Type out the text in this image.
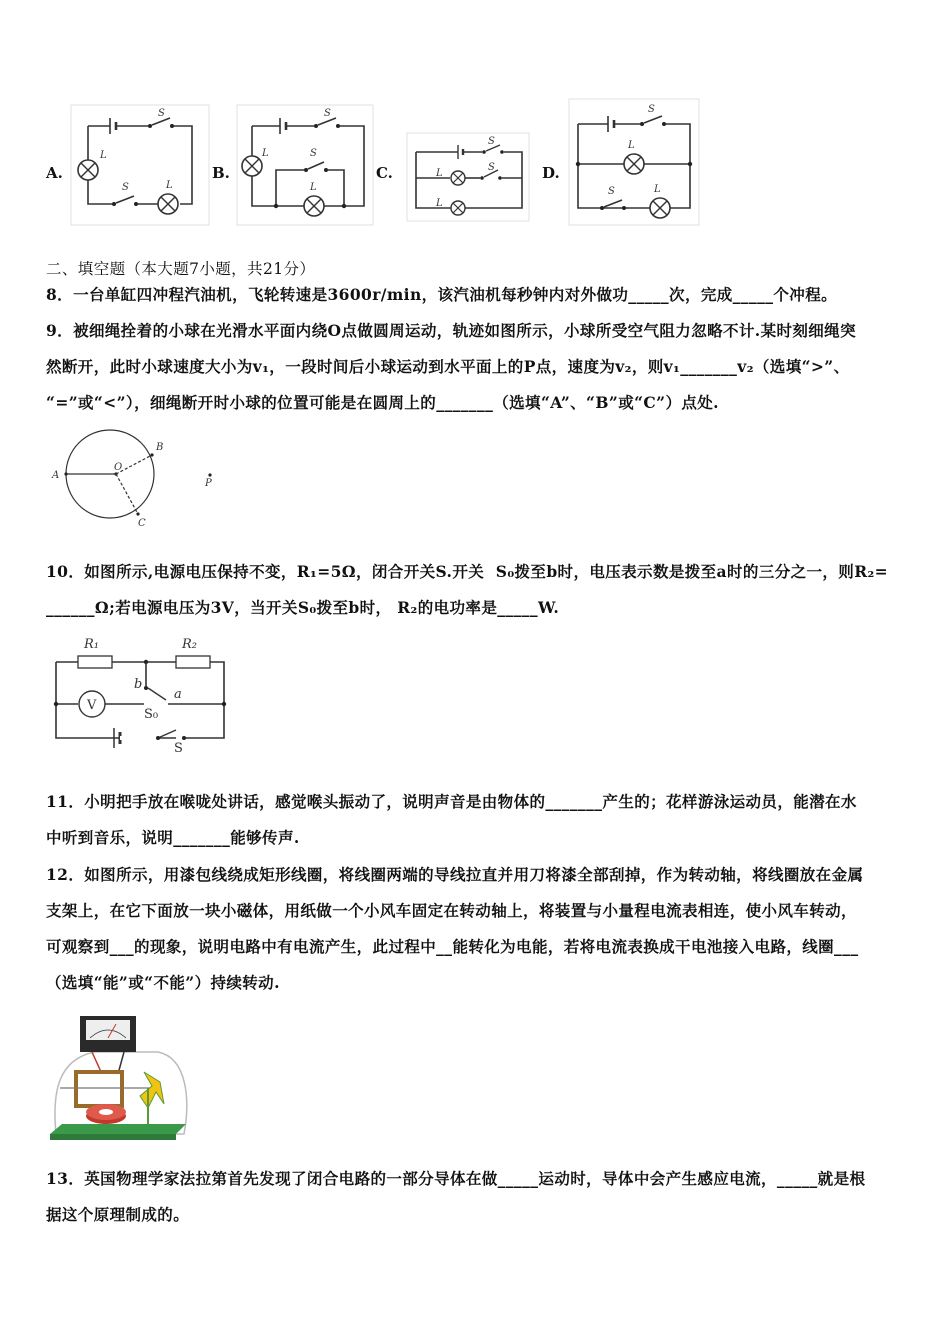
A.
S
L
S	L
B.
S
L	S
L
C.
S
L
S
L
D.
S
L
S	L
二、填空题（本大题7小题，共21分）
8．一台单缸四冲程汽油机，飞轮转速是3600r/min，该汽油机每秒钟内对外做功_____次，完成_____个冲程。
9．被细绳拴着的小球在光滑水平面内绕O点做圆周运动，轨迹如图所示，小球所受空气阻力忽略不计.某时刻细绳突
然断开，此时小球速度大小为v₁，一段时间后小球运动到水平面上的P点，速度为v₂，则v₁_______v₂（选填“>”、
“=”或“<”），细绳断开时小球的位置可能是在圆周上的_______（选填“A”、“B”或“C”）点处.
A
O
B
C
P
10．如图所示,电源电压保持不变，R₁=5Ω，闭合开关S.开关  S₀拨至b时，电压表示数是拨至a时的三分之一，则R₂=
______Ω;若电源电压为3V，当开关S₀拨至b时， R₂的电功率是_____W.
R₁	R₂
V
b
a
S₀
S
11．小明把手放在喉咙处讲话，感觉喉头振动了，说明声音是由物体的_______产生的；花样游泳运动员，能潜在水
中听到音乐，说明_______能够传声.
12．如图所示，用漆包线绕成矩形线圈，将线圈两端的导线拉直并用刀将漆全部刮掉，作为转动轴，将线圈放在金属
支架上，在它下面放一块小磁体，用纸做一个小风车固定在转动轴上，将装置与小量程电流表相连，使小风车转动，
可观察到___的现象，说明电路中有电流产生，此过程中__能转化为电能，若将电流表换成干电池接入电路，线圈___
（选填“能”或“不能”）持续转动.
13．英国物理学家法拉第首先发现了闭合电路的一部分导体在做_____运动时，导体中会产生感应电流，_____就是根
据这个原理制成的。
